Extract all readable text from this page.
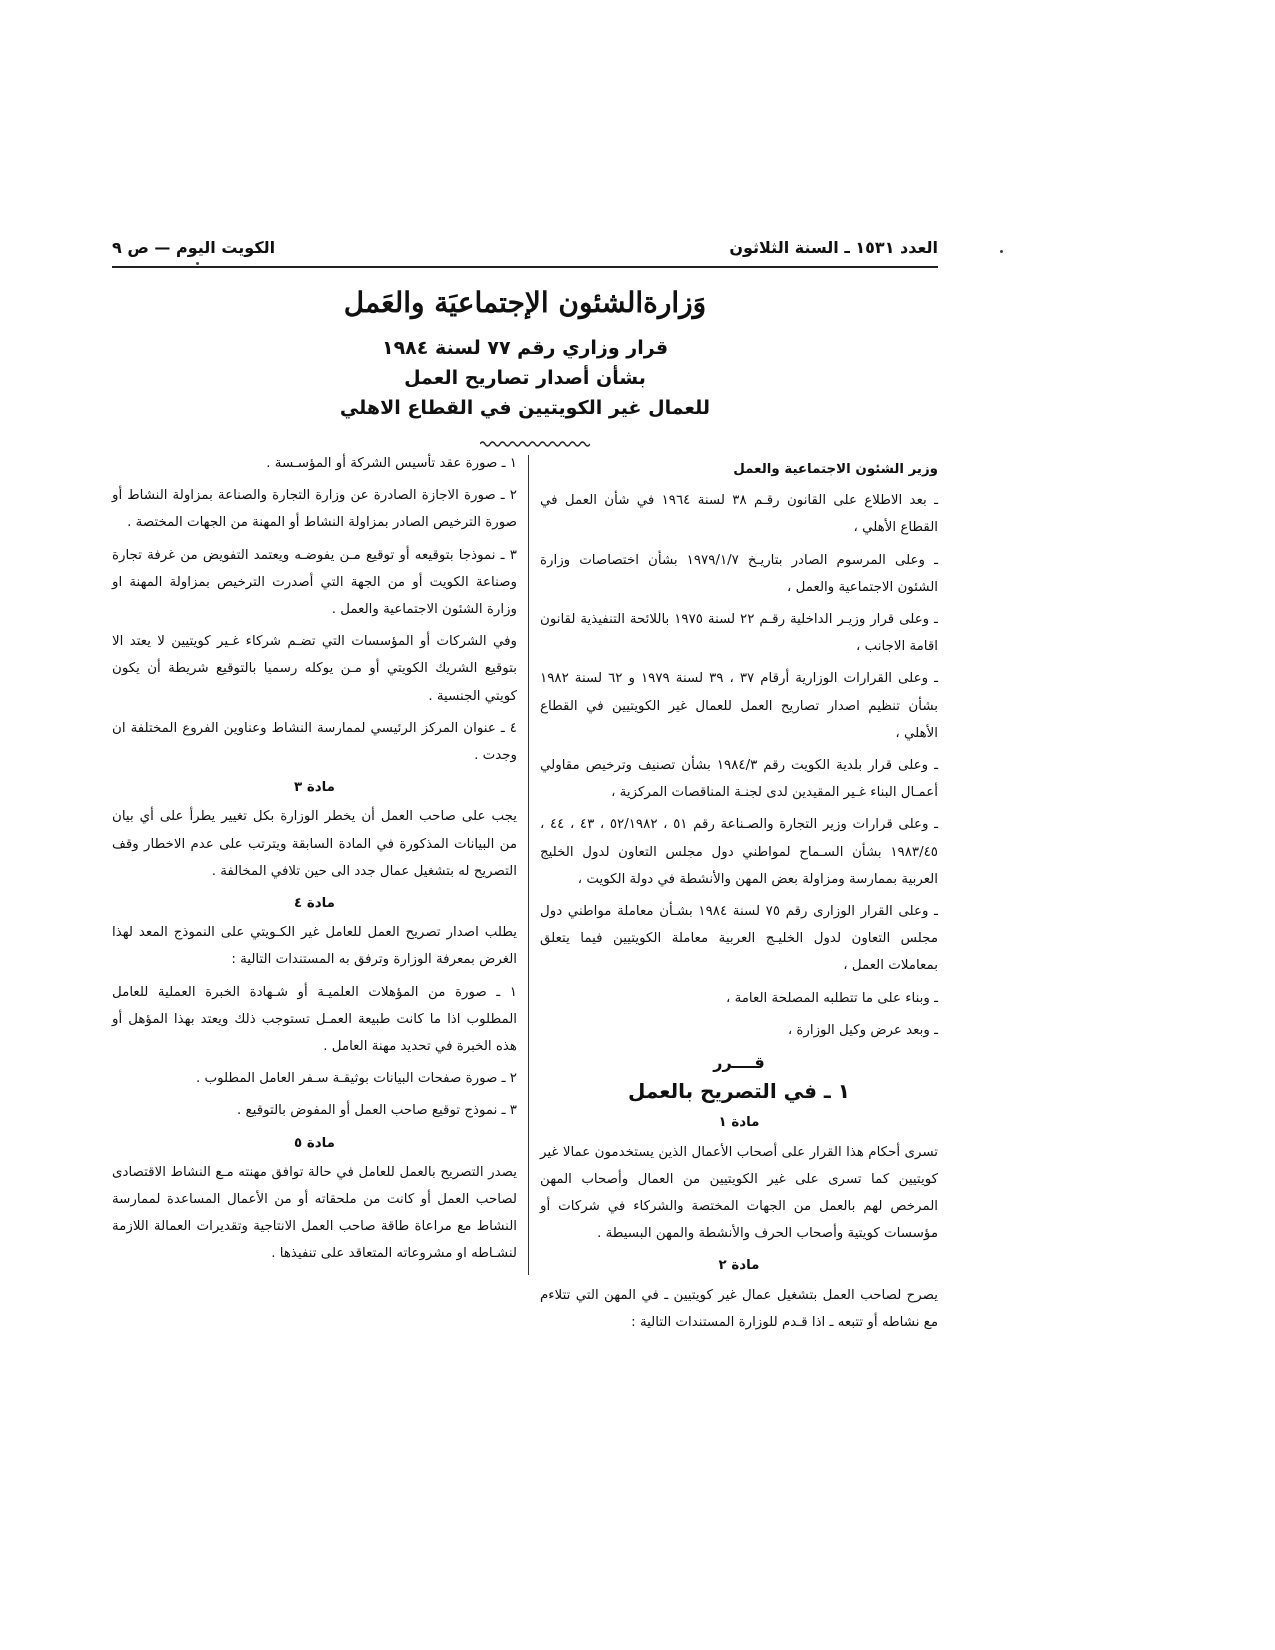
الكويت اليوم — ص ٩	العدد ١٥٣١ ـ السنة الثلاثون
وَزارةالشئون الإجتماعيَة والعَمل
قرار وزاري رقم ٧٧ لسنة ١٩٨٤
بشأن أصدار تصاريح العمل
للعمال غير الكويتيين في القطاع الاهلي

وزير الشئون الاجتماعية والعمل

ـ بعد الاطلاع على القانون رقـم ٣٨ لسنة ١٩٦٤ في شأن العمل في القطاع الأهلي ،

ـ وعلى المرسوم الصادر بتاريـخ ١٩٧٩/١/٧ بشأن اختصاصات وزارة الشئون الاجتماعية والعمل ،

ـ وعلى قرار وزيـر الداخلية رقـم ٢٢ لسنة ١٩٧٥ باللائحة التنفيذية لقانون اقامة الاجانب ،

ـ وعلى القرارات الوزارية أرقام ٣٧ ، ٣٩ لسنة ١٩٧٩ و ٦٢ لسنة ١٩٨٢ بشأن تنظيم اصدار تصاريح العمل للعمال غير الكويتيين في القطاع الأهلي ،

ـ وعلى قرار بلدية الكويت رقم ١٩٨٤/٣ بشأن تصنيف وترخيص مقاولي أعمـال البناء غـير المقيدين لدى لجنـة المناقصات المركزية ،

ـ وعلى قرارات وزير التجارة والصـناعة رقم ٥١ ، ٥٢/١٩٨٢ ، ٤٣ ، ٤٤ ، ١٩٨٣/٤٥ بشأن السـماح لمواطني دول مجلس التعاون لدول الخليج العربية بممارسة ومزاولة بعض المهن والأنشطة في دولة الكويت ،

ـ وعلى القرار الوزارى رقم ٧٥ لسنة ١٩٨٤ بشـأن معاملة مواطني دول مجلس التعاون لدول الخليـج العربية معاملة الكويتيين فيما يتعلق بمعاملات العمل ،

ـ وبناء على ما تتطلبه المصلحة العامة ،

ـ وبعد عرض وكيل الوزارة ،

قــــرر

١ ـ في التصريح بالعمل

مادة ١

تسرى أحكام هذا القرار على أصحاب الأعمال الذين يستخدمون عمالا غير كويتيين كما تسرى على غير الكويتيين من العمال وأصحاب المهن المرخص لهم بالعمل من الجهات المختصة والشركاء في شركات أو مؤسسات كويتية وأصحاب الحرف والأنشطة والمهن البسيطة .

مادة ٢

يصرح لصاحب العمل بتشغيل عمال غير كويتيين ـ في المهن التي تتلاءم مع نشاطه أو تتبعه ـ اذا قـدم للوزارة المستندات التالية :

١ ـ صورة عقد تأسيس الشركة أو المؤسـسة .

٢ ـ صورة الاجازة الصادرة عن وزارة التجارة والصناعة بمزاولة النشاط أو صورة الترخيص الصادر بمزاولة النشاط أو المهنة من الجهات المختصة .

٣ ـ نموذجا بتوقيعه أو توقيع مـن يفوضـه ويعتمد التفويض من غرفة تجارة وصناعة الكويت أو من الجهة التي أصدرت الترخيص بمزاولة المهنة او وزارة الشئون الاجتماعية والعمل .

وفي الشركات أو المؤسسات التي تضـم شركاء غـير كويتيين لا يعتد الا بتوقيع الشريك الكويتي أو مـن يوكله رسميا بالتوقيع شريطة أن يكون كويتي الجنسية .

٤ ـ عنوان المركز الرئيسي لممارسة النشاط وعناوين الفروع المختلفة ان وجدت .

مادة ٣

يجب على صاحب العمل أن يخطر الوزارة بكل تغيير يطرأ على أي بيان من البيانات المذكورة في المادة السابقة ويترتب على عدم الاخطار وقف التصريح له بتشغيل عمال جدد الى حين تلافي المخالفة .

مادة ٤

يطلب اصدار تصريح العمل للعامل غير الكـويتي على النموذج المعد لهذا الغرض بمعرفة الوزارة وترفق به المستندات التالية :

١ ـ صورة من المؤهلات العلميـة أو شـهادة الخبرة العملية للعامل المطلوب اذا ما كانت طبيعة العمـل تستوجب ذلك ويعتد بهذا المؤهل أو هذه الخبرة في تحديد مهنة العامل .

٢ ـ صورة صفحات البيانات بوثيقـة سـفر العامل المطلوب .

٣ ـ نموذج توقيع صاحب العمل أو المفوض بالتوقيع .

مادة ٥

يصدر التصريح بالعمل للعامل في حالة توافق مهنته مـع النشاط الاقتصادى لصاحب العمل أو كانت من ملحقاته أو من الأعمال المساعدة لممارسة النشاط مع مراعاة طاقة صاحب العمل الانتاجية وتقديرات العمالة اللازمة لنشـاطه او مشروعاته المتعاقد على تنفيذها .
